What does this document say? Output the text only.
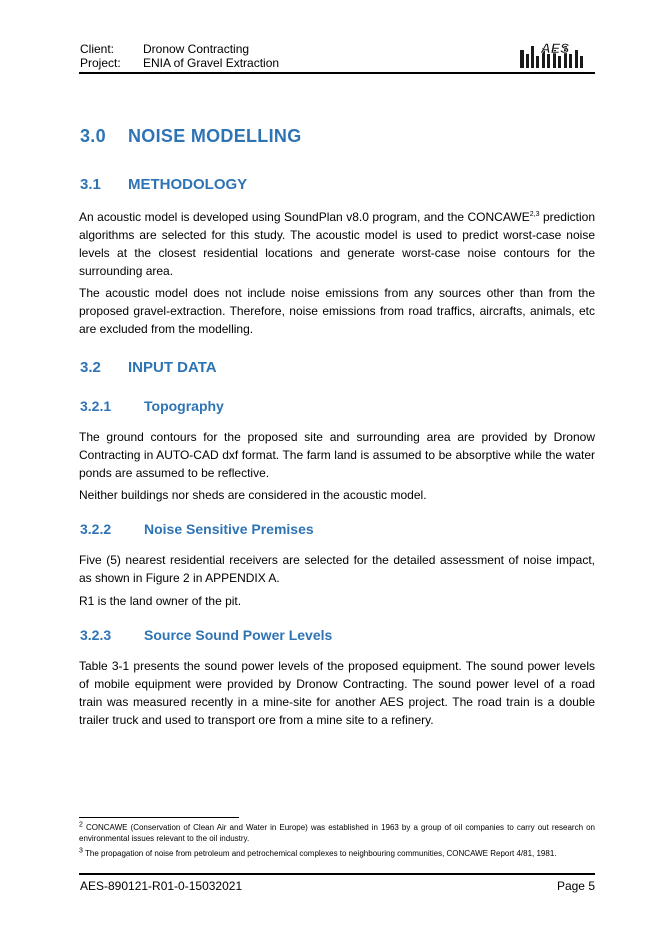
Client:	Dronow Contracting
Project:	ENIA of Gravel Extraction
AES
3.0 NOISE MODELLING
3.1 METHODOLOGY
An acoustic model is developed using SoundPlan v8.0 program, and the CONCAWE$^{2,3}$ prediction algorithms are selected for this study. The acoustic model is used to predict worst-case noise levels at the closest residential locations and generate worst-case noise contours for the surrounding area.
The acoustic model does not include noise emissions from any sources other than from the proposed gravel-extraction. Therefore, noise emissions from road traffics, aircrafts, animals, etc are excluded from the modelling.
3.2 INPUT DATA
3.2.1 Topography
The ground contours for the proposed site and surrounding area are provided by Dronow Contracting in AUTO-CAD dxf format. The farm land is assumed to be absorptive while the water ponds are assumed to be reflective.
Neither buildings nor sheds are considered in the acoustic model.
3.2.2 Noise Sensitive Premises
Five (5) nearest residential receivers are selected for the detailed assessment of noise impact, as shown in Figure 2 in APPENDIX A.
R1 is the land owner of the pit.
3.2.3 Source Sound Power Levels
Table 3-1 presents the sound power levels of the proposed equipment. The sound power levels of mobile equipment were provided by Dronow Contracting. The sound power level of a road train was measured recently in a mine-site for another AES project. The road train is a double trailer truck and used to transport ore from a mine site to a refinery.
$^2$ CONCAWE (Conservation of Clean Air and Water in Europe) was established in 1963 by a group of oil companies to carry out research on environmental issues relevant to the oil industry.
$^3$ The propagation of noise from petroleum and petrochemical complexes to neighbouring communities, CONCAWE Report 4/81, 1981.
AES-890121-R01-0-15032021	Page 5
